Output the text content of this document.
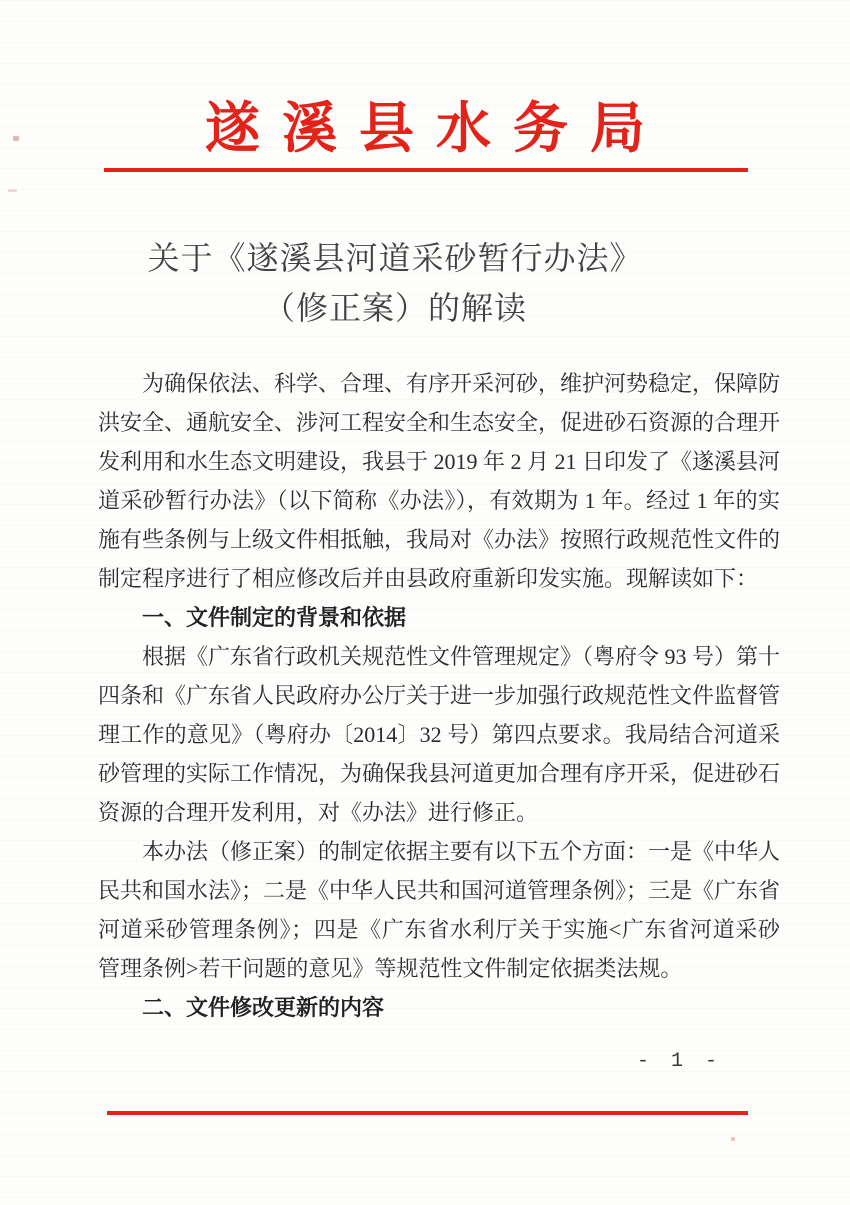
遂溪县水务局
关于《遂溪县河道采砂暂行办法》
（修正案）的解读

为确保依法、科学、合理、有序开采河砂，维护河势稳定，保障防洪安全、通航安全、涉河工程安全和生态安全，促进砂石资源的合理开发利用和水生态文明建设，我县于 2019 年 2 月 21 日印发了《遂溪县河道采砂暂行办法》（以下简称《办法》），有效期为 1 年。经过 1 年的实施有些条例与上级文件相抵触，我局对《办法》按照行政规范性文件的制定程序进行了相应修改后并由县政府重新印发实施。现解读如下：

一、文件制定的背景和依据

根据《广东省行政机关规范性文件管理规定》（粤府令 93 号）第十四条和《广东省人民政府办公厅关于进一步加强行政规范性文件监督管理工作的意见》（粤府办〔2014〕32 号）第四点要求。我局结合河道采砂管理的实际工作情况，为确保我县河道更加合理有序开采，促进砂石资源的合理开发利用，对《办法》进行修正。

本办法（修正案）的制定依据主要有以下五个方面：一是《中华人民共和国水法》；二是《中华人民共和国河道管理条例》；三是《广东省河道采砂管理条例》；四是《广东省水利厅关于实施<广东省河道采砂管理条例>若干问题的意见》等规范性文件制定依据类法规。

二、文件修改更新的内容

- 1 -
